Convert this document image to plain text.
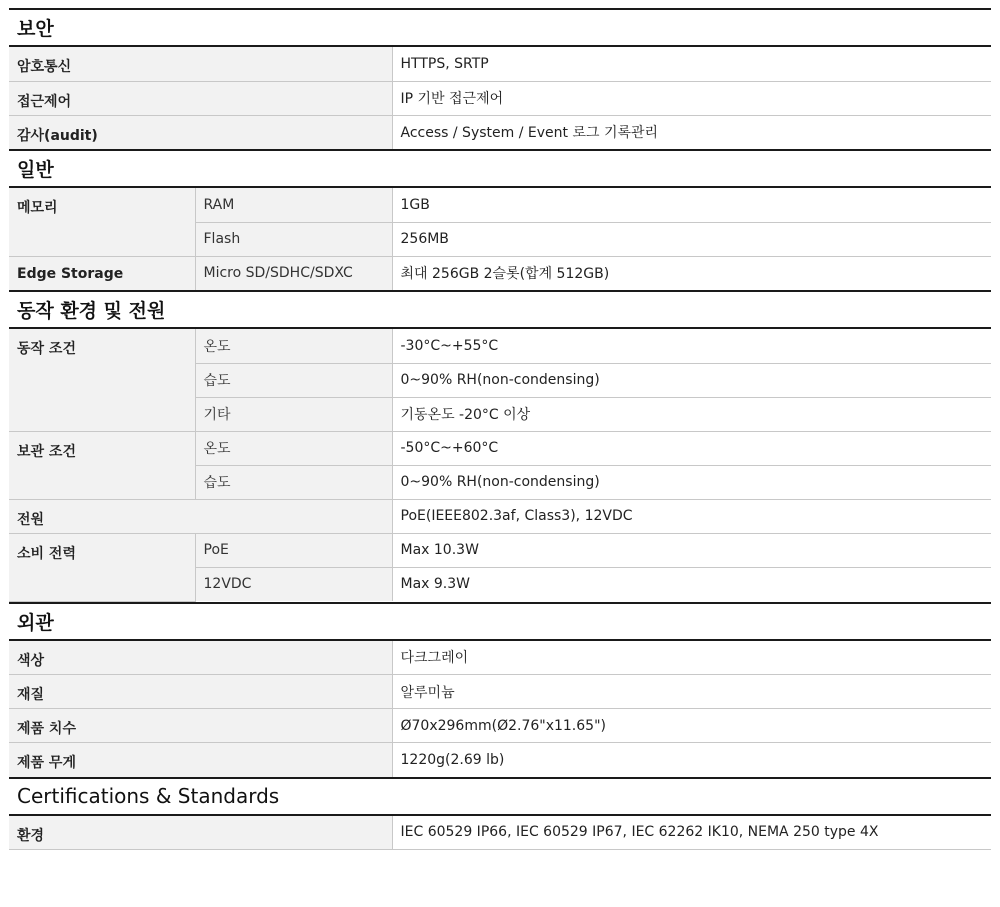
보안
암호통신	HTTPS, SRTP
접근제어	IP 기반 접근제어
감사(audit)	Access / System / Event 로그 기록관리
일반
메모리	RAM	1GB
	Flash	256MB
Edge Storage	Micro SD/SDHC/SDXC	최대 256GB 2슬롯(합계 512GB)
동작 환경 및 전원
동작 조건	온도	-30°C~+55°C
	습도	0~90% RH(non-condensing)
	기타	기동온도 -20°C 이상
보관 조건	온도	-50°C~+60°C
	습도	0~90% RH(non-condensing)
전원		PoE(IEEE802.3af, Class3), 12VDC
소비 전력	PoE	Max 10.3W
	12VDC	Max 9.3W
외관
색상	다크그레이
재질	알루미늄
제품 치수	Ø70x296mm(Ø2.76"x11.65")
제품 무게	1220g(2.69 lb)
Certifications & Standards
환경	IEC 60529 IP66, IEC 60529 IP67, IEC 62262 IK10, NEMA 250 type 4X
